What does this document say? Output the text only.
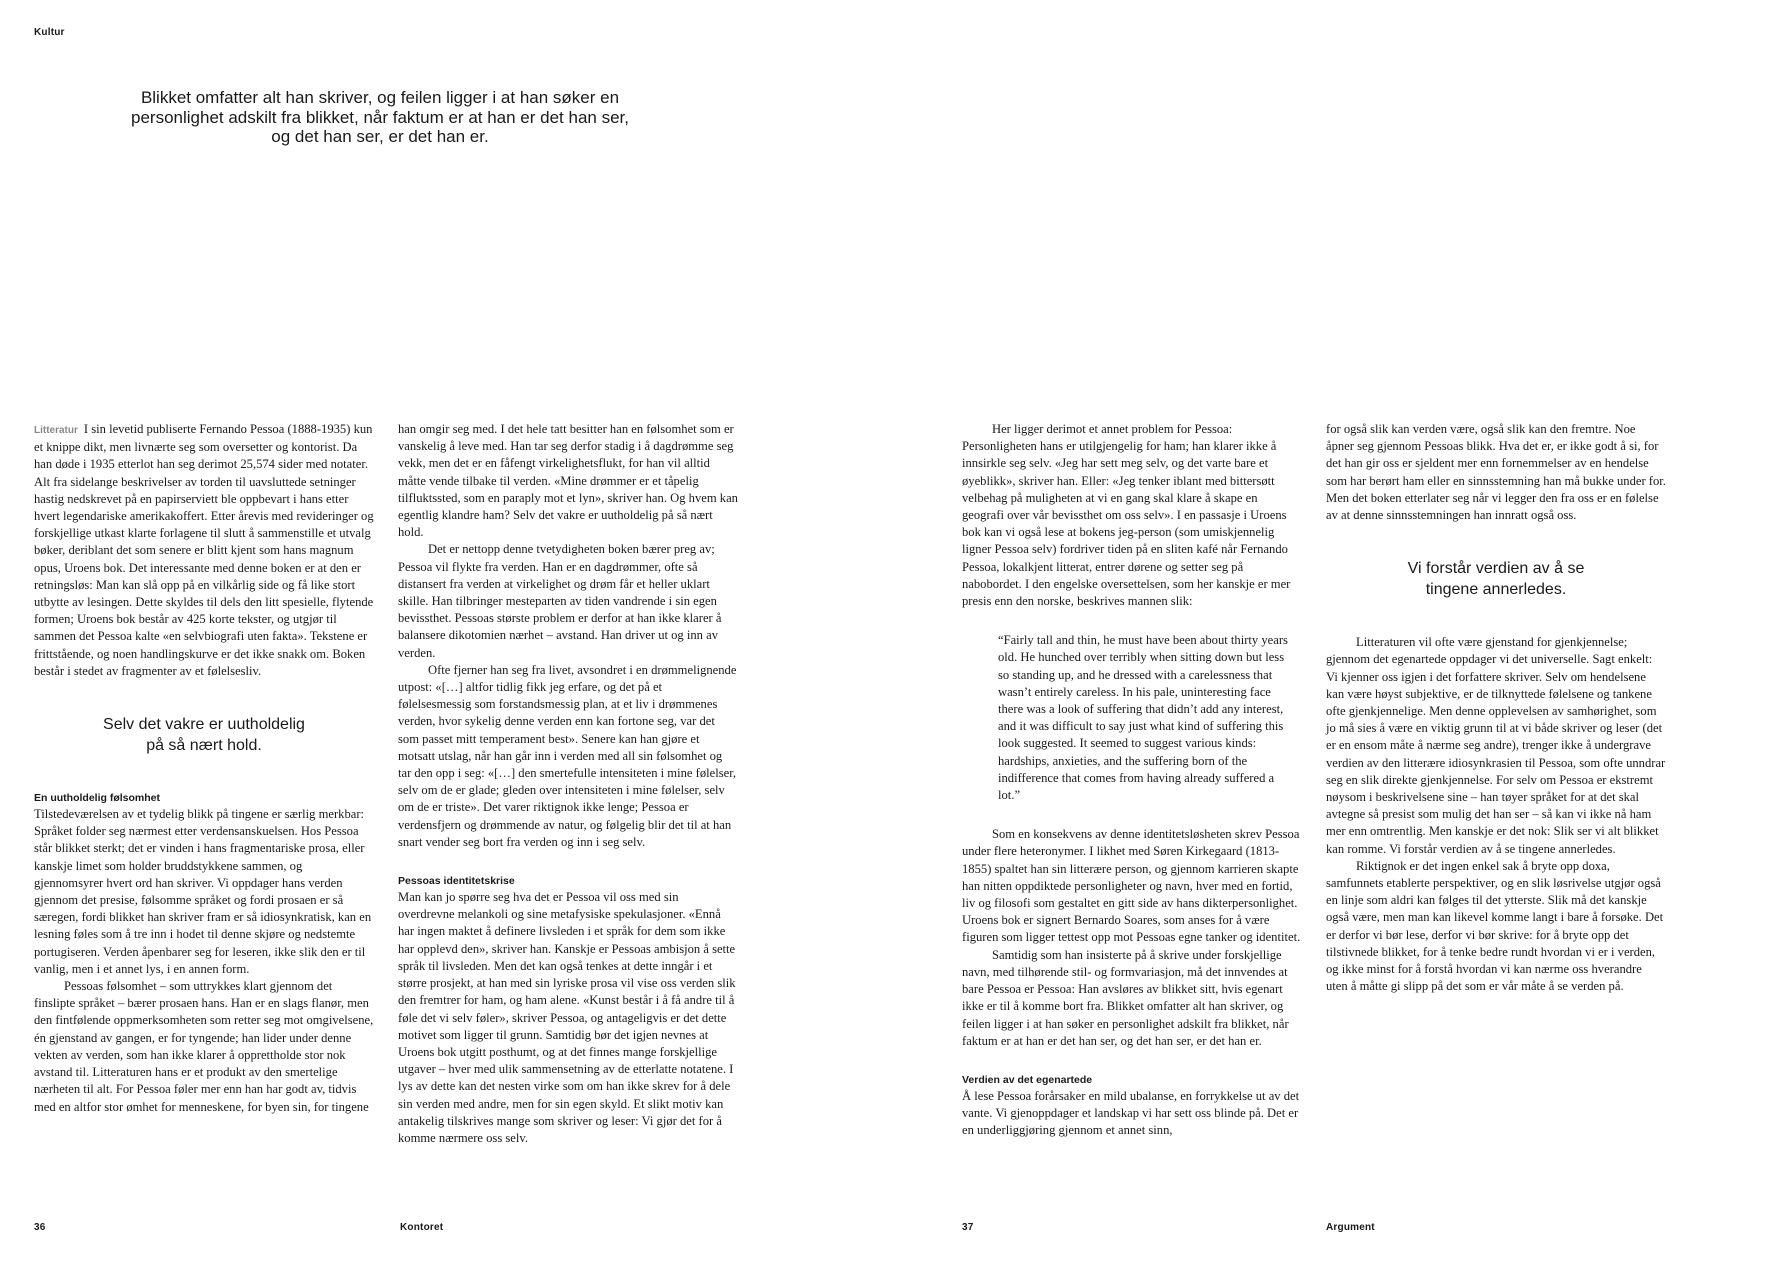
Kultur
Blikket omfatter alt han skriver, og feilen ligger i at han søker en personlighet adskilt fra blikket, når faktum er at han er det han ser, og det han ser, er det han er.

Litteratur I sin levetid publiserte Fernando Pessoa (1888-1935) kun et knippe dikt, men livnærte seg som oversetter og kontorist. Da han døde i 1935 etterlot han seg derimot 25,574 sider med notater. Alt fra sidelange beskrivelser av torden til uavsluttede setninger hastig nedskrevet på en papirserviett ble oppbevart i hans etter hvert legendariske amerikakoffert. Etter årevis med revideringer og forskjellige utkast klarte forlagene til slutt å sammenstille et utvalg bøker, deriblant det som senere er blitt kjent som hans magnum opus, Uroens bok. Det interessante med denne boken er at den er retningsløs: Man kan slå opp på en vilkårlig side og få like stort utbytte av lesingen. Dette skyldes til dels den litt spesielle, flytende formen; Uroens bok består av 425 korte tekster, og utgjør til sammen det Pessoa kalte «en selvbiografi uten fakta». Tekstene er frittstående, og noen handlingskurve er det ikke snakk om. Boken består i stedet av fragmenter av et følelsesliv.

Selv det vakre er uutholdelig på så nært hold.

En uutholdelig følsomhet

Tilstedeværelsen av et tydelig blikk på tingene er særlig merkbar: Språket folder seg nærmest etter verdensanskuelsen. Hos Pessoa står blikket sterkt; det er vinden i hans fragmentariske prosa, eller kanskje limet som holder bruddstykkene sammen, og gjennomsyrer hvert ord han skriver. Vi oppdager hans verden gjennom det presise, følsomme språket og fordi prosaen er så særegen, fordi blikket han skriver fram er så idiosynkratisk, kan en lesning føles som å tre inn i hodet til denne skjøre og nedstemte portugiseren. Verden åpenbarer seg for leseren, ikke slik den er til vanlig, men i et annet lys, i en annen form.

Pessoas følsomhet – som uttrykkes klart gjennom det finslipte språket – bærer prosaen hans. Han er en slags flanør, men den fintfølende oppmerksomheten som retter seg mot omgivelsene, én gjenstand av gangen, er for tyngende; han lider under denne vekten av verden, som han ikke klarer å opprettholde stor nok avstand til. Litteraturen hans er et produkt av den smertelige nærheten til alt. For Pessoa føler mer enn han har godt av, tidvis med en altfor stor ømhet for menneskene, for byen sin, for tingene

han omgir seg med. I det hele tatt besitter han en følsomhet som er vanskelig å leve med. Han tar seg derfor stadig i å dagdrømme seg vekk, men det er en fåfengt virkelighetsflukt, for han vil alltid måtte vende tilbake til verden. «Mine drømmer er et tåpelig tilfluktssted, som en paraply mot et lyn», skriver han. Og hvem kan egentlig klandre ham? Selv det vakre er uutholdelig på så nært hold.

Det er nettopp denne tvetydigheten boken bærer preg av; Pessoa vil flykte fra verden. Han er en dagdrømmer, ofte så distansert fra verden at virkelighet og drøm får et heller uklart skille. Han tilbringer mesteparten av tiden vandrende i sin egen bevissthet. Pessoas største problem er derfor at han ikke klarer å balansere dikotomien nærhet – avstand. Han driver ut og inn av verden.

Ofte fjerner han seg fra livet, avsondret i en drømmelignende utpost: «[…] altfor tidlig fikk jeg erfare, og det på et følelsesmessig som forstandsmessig plan, at et liv i drømmenes verden, hvor sykelig denne verden enn kan fortone seg, var det som passet mitt temperament best». Senere kan han gjøre et motsatt utslag, når han går inn i verden med all sin følsomhet og tar den opp i seg: «[…] den smertefulle intensiteten i mine følelser, selv om de er glade; gleden over intensiteten i mine følelser, selv om de er triste». Det varer riktignok ikke lenge; Pessoa er verdensfjern og drømmende av natur, og følgelig blir det til at han snart vender seg bort fra verden og inn i seg selv.

Pessoas identitetskrise

Man kan jo spørre seg hva det er Pessoa vil oss med sin overdrevne melankoli og sine metafysiske spekulasjoner. «Ennå har ingen maktet å definere livsleden i et språk for dem som ikke har opplevd den», skriver han. Kanskje er Pessoas ambisjon å sette språk til livsleden. Men det kan også tenkes at dette inngår i et større prosjekt, at han med sin lyriske prosa vil vise oss verden slik den fremtrer for ham, og ham alene. «Kunst består i å få andre til å føle det vi selv føler», skriver Pessoa, og antageligvis er det dette motivet som ligger til grunn. Samtidig bør det igjen nevnes at Uroens bok utgitt posthumt, og at det finnes mange forskjellige utgaver – hver med ulik sammensetning av de etterlatte notatene. I lys av dette kan det nesten virke som om han ikke skrev for å dele sin verden med andre, men for sin egen skyld. Et slikt motiv kan antakelig tilskrives mange som skriver og leser: Vi gjør det for å komme nærmere oss selv.

Her ligger derimot et annet problem for Pessoa: Personligheten hans er utilgjengelig for ham; han klarer ikke å innsirkle seg selv. «Jeg har sett meg selv, og det varte bare et øyeblikk», skriver han. Eller: «Jeg tenker iblant med bittersøtt velbehag på muligheten at vi en gang skal klare å skape en geografi over vår bevissthet om oss selv». I en passasje i Uroens bok kan vi også lese at bokens jeg-person (som umiskjennelig ligner Pessoa selv) fordriver tiden på en sliten kafé når Fernando Pessoa, lokalkjent litterat, entrer dørene og setter seg på nabobordet. I den engelske oversettelsen, som her kanskje er mer presis enn den norske, beskrives mannen slik:

“Fairly tall and thin, he must have been about thirty years old. He hunched over terribly when sitting down but less so standing up, and he dressed with a carelessness that wasn’t entirely careless. In his pale, uninteresting face there was a look of suffering that didn’t add any interest, and it was difficult to say just what kind of suffering this look suggested. It seemed to suggest various kinds: hardships, anxieties, and the suffering born of the indifference that comes from having already suffered a lot.”

Som en konsekvens av denne identitetsløsheten skrev Pessoa under flere heteronymer. I likhet med Søren Kirkegaard (1813-1855) spaltet han sin litterære person, og gjennom karrieren skapte han nitten oppdiktede personligheter og navn, hver med en fortid, liv og filosofi som gestaltet en gitt side av hans dikterpersonlighet. Uroens bok er signert Bernardo Soares, som anses for å være figuren som ligger tettest opp mot Pessoas egne tanker og identitet.

Samtidig som han insisterte på å skrive under forskjellige navn, med tilhørende stil- og formvariasjon, må det innvendes at bare Pessoa er Pessoa: Han avsløres av blikket sitt, hvis egenart ikke er til å komme bort fra. Blikket omfatter alt han skriver, og feilen ligger i at han søker en personlighet adskilt fra blikket, når faktum er at han er det han ser, og det han ser, er det han er.

Verdien av det egenartede

Å lese Pessoa forårsaker en mild ubalanse, en forrykkelse ut av det vante. Vi gjenoppdager et landskap vi har sett oss blinde på. Det er en underliggjøring gjennom et annet sinn,

for også slik kan verden være, også slik kan den fremtre. Noe åpner seg gjennom Pessoas blikk. Hva det er, er ikke godt å si, for det han gir oss er sjeldent mer enn fornemmelser av en hendelse som har berørt ham eller en sinnsstemning han må bukke under for. Men det boken etterlater seg når vi legger den fra oss er en følelse av at denne sinnsstemningen han innratt også oss.

Vi forstår verdien av å se tingene annerledes.

Litteraturen vil ofte være gjenstand for gjenkjennelse; gjennom det egenartede oppdager vi det universelle. Sagt enkelt: Vi kjenner oss igjen i det forfattere skriver. Selv om hendelsene kan være høyst subjektive, er de tilknyttede følelsene og tankene ofte gjenkjennelige. Men denne opplevelsen av samhørighet, som jo må sies å være en viktig grunn til at vi både skriver og leser (det er en ensom måte å nærme seg andre), trenger ikke å undergrave verdien av den litterære idiosynkrasien til Pessoa, som ofte unndrar seg en slik direkte gjenkjennelse. For selv om Pessoa er ekstremt nøysom i beskrivelsene sine – han tøyer språket for at det skal avtegne så presist som mulig det han ser – så kan vi ikke nå ham mer enn omtrentlig. Men kanskje er det nok: Slik ser vi alt blikket kan romme. Vi forstår verdien av å se tingene annerledes.

Riktignok er det ingen enkel sak å bryte opp doxa, samfunnets etablerte perspektiver, og en slik løsrivelse utgjør også en linje som aldri kan følges til det ytterste. Slik må det kanskje også være, men man kan likevel komme langt i bare å forsøke. Det er derfor vi bør lese, derfor vi bør skrive: for å bryte opp det tilstivnede blikket, for å tenke bedre rundt hvordan vi er i verden, og ikke minst for å forstå hvordan vi kan nærme oss hverandre uten å måtte gi slipp på det som er vår måte å se verden på.

36	Kontoret	37	Argument
